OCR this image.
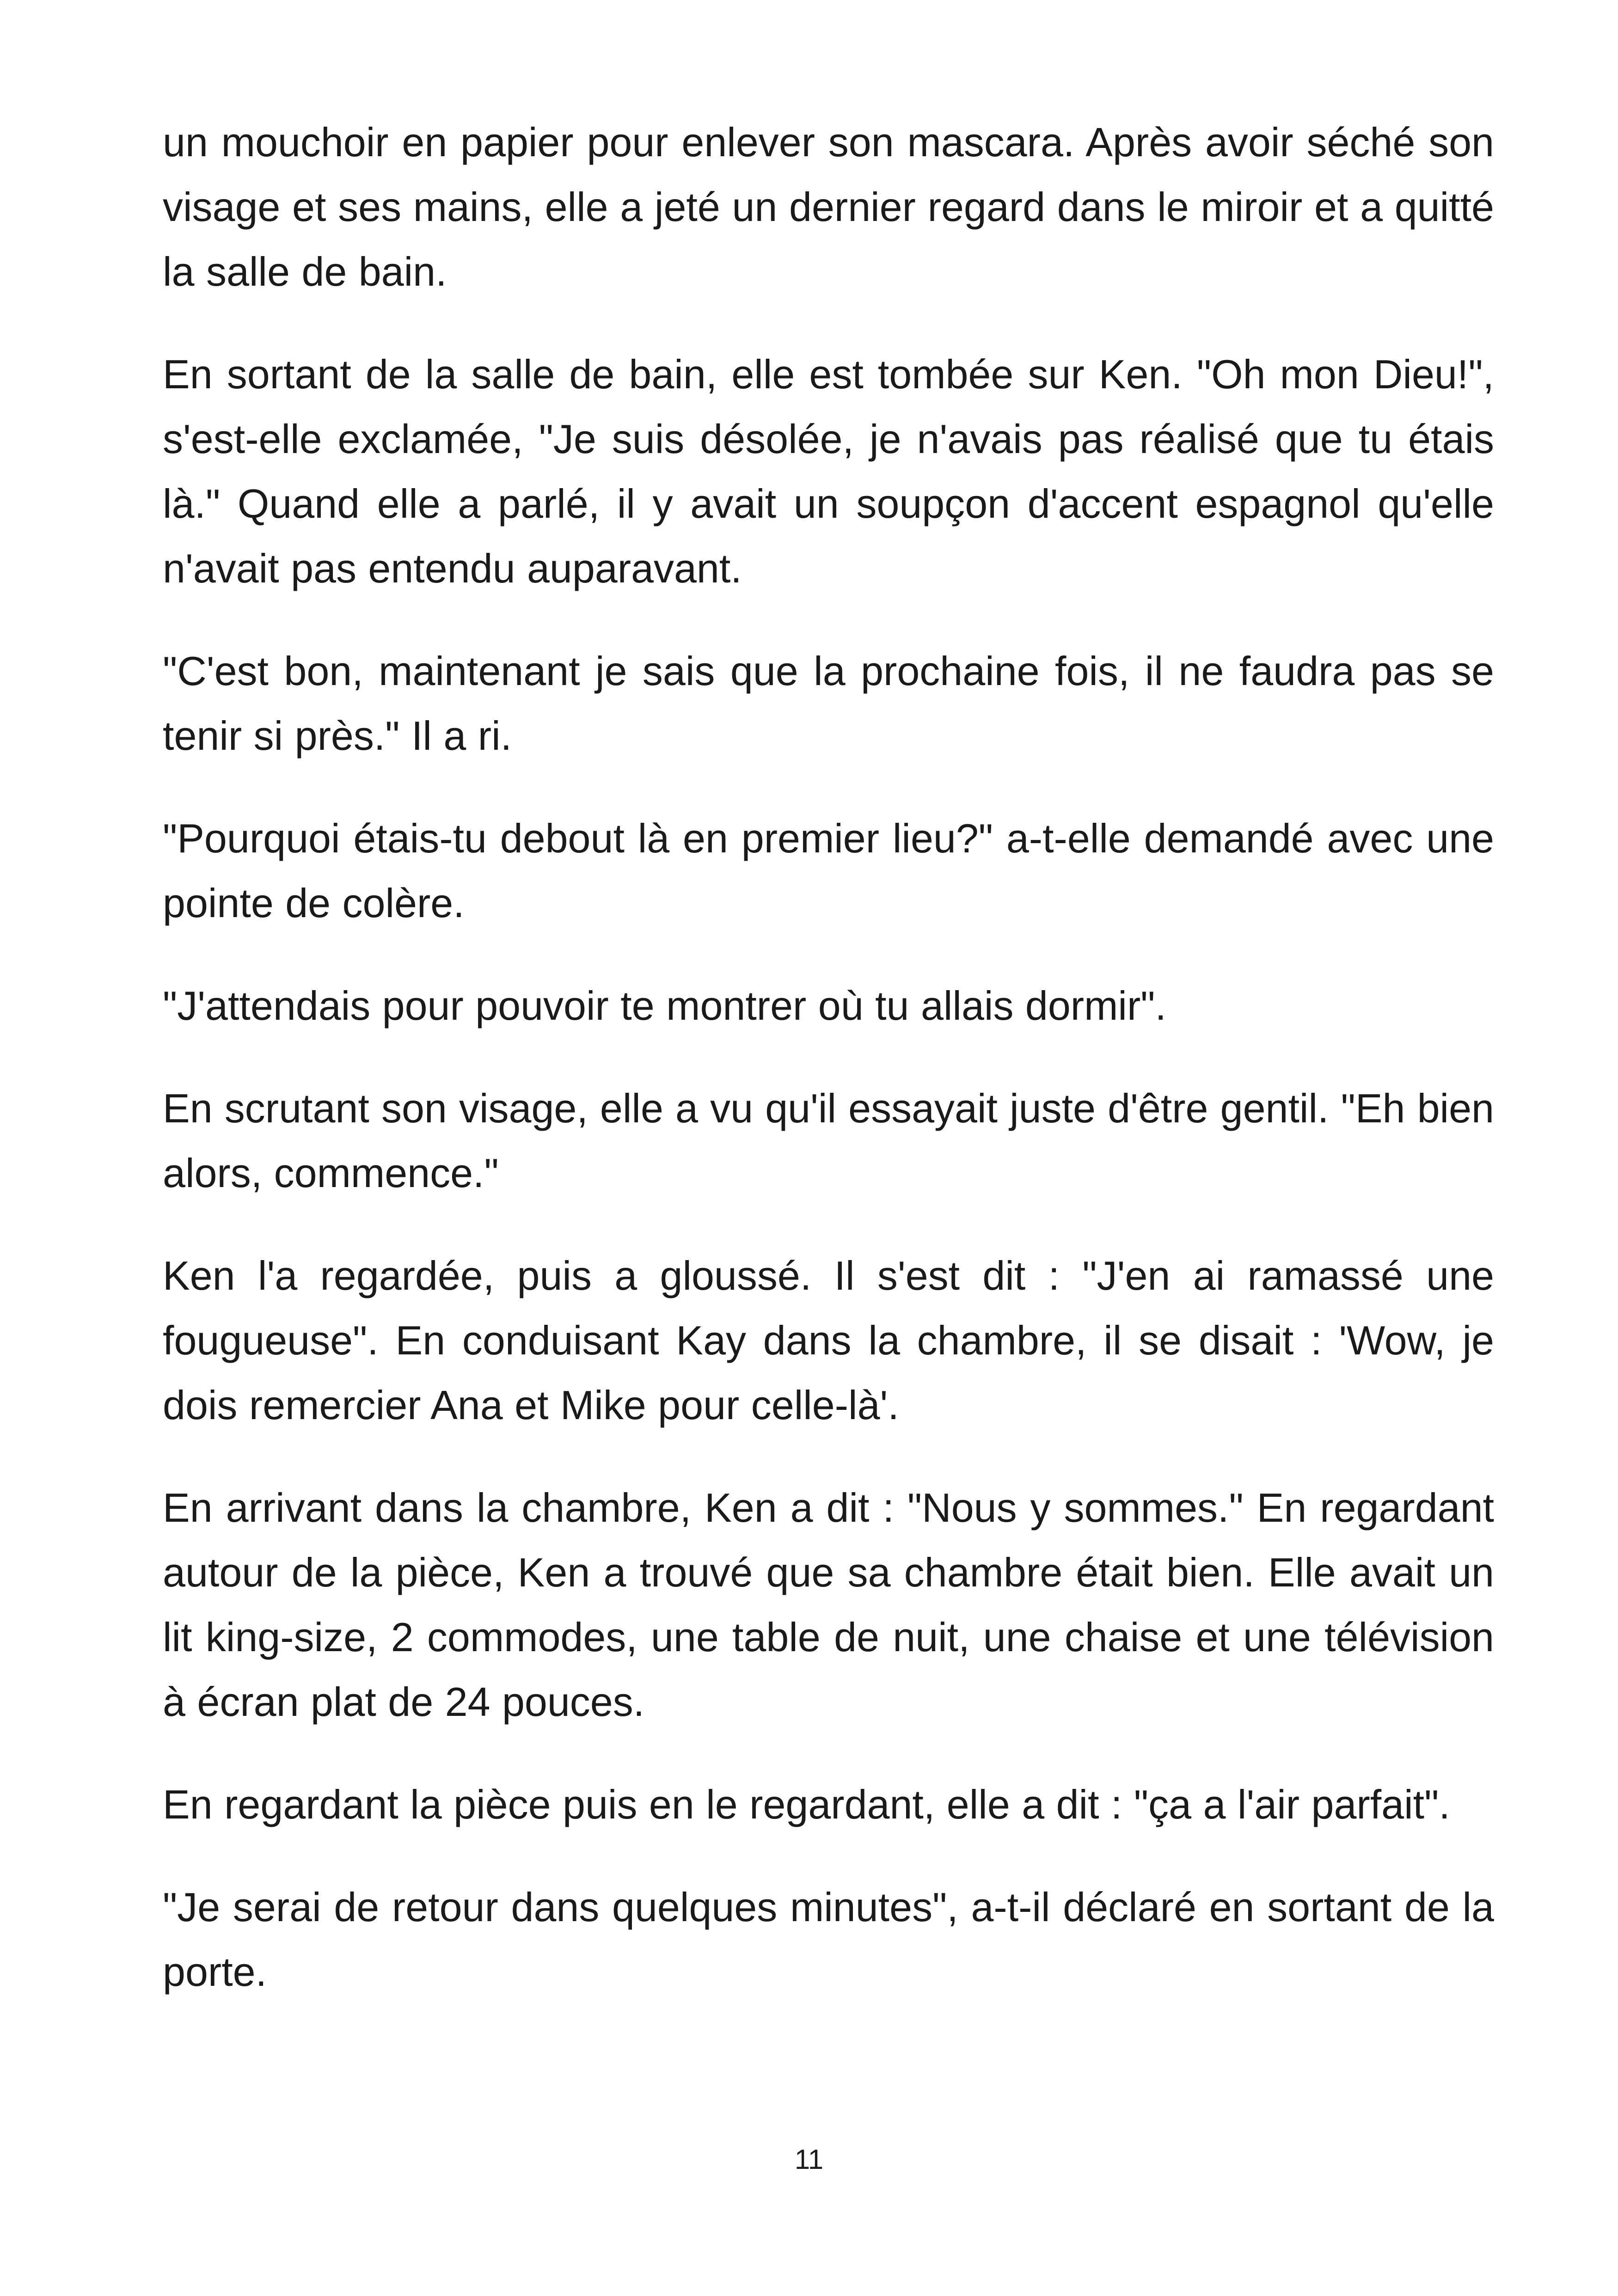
un mouchoir en papier pour enlever son mascara. Après avoir séché son visage et ses mains, elle a jeté un dernier regard dans le miroir et a quitté la salle de bain.

En sortant de la salle de bain, elle est tombée sur Ken. "Oh mon Dieu!", s'est-elle exclamée, "Je suis désolée, je n'avais pas réalisé que tu étais là." Quand elle a parlé, il y avait un soupçon d'accent espagnol qu'elle n'avait pas entendu auparavant.

"C'est bon, maintenant je sais que la prochaine fois, il ne faudra pas se tenir si près." Il a ri.

"Pourquoi étais-tu debout là en premier lieu?" a-t-elle demandé avec une pointe de colère.

"J'attendais pour pouvoir te montrer où tu allais dormir".

En scrutant son visage, elle a vu qu'il essayait juste d'être gentil. "Eh bien alors, commence."

Ken l'a regardée, puis a gloussé. Il s'est dit : "J'en ai ramassé une fougueuse". En conduisant Kay dans la chambre, il se disait : 'Wow, je dois remercier Ana et Mike pour celle-là'.

En arrivant dans la chambre, Ken a dit : "Nous y sommes." En regardant autour de la pièce, Ken a trouvé que sa chambre était bien. Elle avait un lit king-size, 2 commodes, une table de nuit, une chaise et une télévision à écran plat de 24 pouces.

En regardant la pièce puis en le regardant, elle a dit : "ça a l'air parfait".

"Je serai de retour dans quelques minutes", a-t-il déclaré en sortant de la porte.

11
